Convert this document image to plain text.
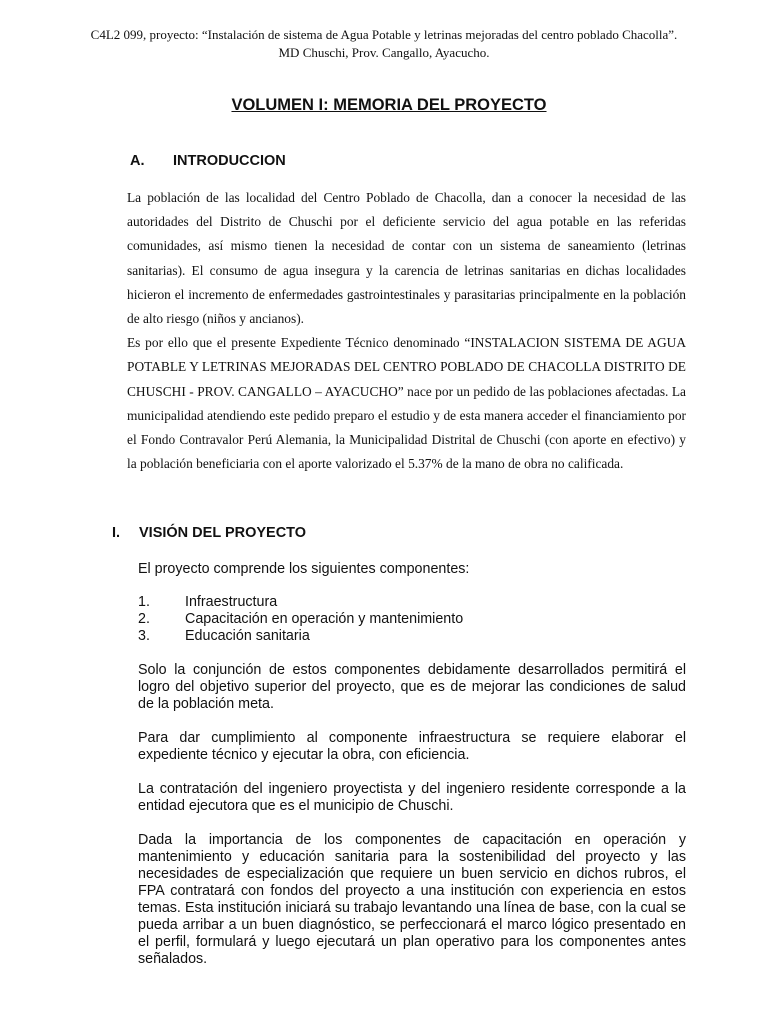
C4L2 099, proyecto: “Instalación de sistema de Agua Potable y letrinas mejoradas del centro poblado Chacolla”.
MD Chuschi, Prov. Cangallo, Ayacucho.
VOLUMEN I: MEMORIA DEL PROYECTO
A. INTRODUCCION

La población de las localidad del Centro Poblado de Chacolla, dan a conocer la necesidad de las autoridades del Distrito de Chuschi por el deficiente servicio del agua potable en las referidas comunidades, así mismo tienen la necesidad de contar con un sistema de saneamiento (letrinas sanitarias). El consumo de agua insegura y la carencia de letrinas sanitarias en dichas localidades hicieron el incremento de enfermedades gastrointestinales y parasitarias principalmente en la población de alto riesgo (niños y ancianos).

Es por ello que el presente Expediente Técnico denominado “INSTALACION SISTEMA DE AGUA POTABLE Y LETRINAS MEJORADAS DEL CENTRO POBLADO DE CHACOLLA DISTRITO DE CHUSCHI - PROV. CANGALLO – AYACUCHO” nace por un pedido de las poblaciones afectadas. La municipalidad atendiendo este pedido preparo el estudio y de esta manera acceder el financiamiento por el Fondo Contravalor Perú Alemania, la Municipalidad Distrital de Chuschi (con aporte en efectivo) y la población beneficiaria con el aporte valorizado el 5.37% de la mano de obra no calificada.

I. VISIÓN DEL PROYECTO

El proyecto comprende los siguientes componentes:

1.	Infraestructura
2.	Capacitación en operación y mantenimiento
3.	Educación sanitaria

Solo la conjunción de estos componentes debidamente desarrollados permitirá el logro del objetivo superior del proyecto, que es de mejorar las condiciones de salud de la población meta.

Para dar cumplimiento al componente infraestructura se requiere elaborar el expediente técnico y ejecutar la obra, con eficiencia.

La contratación del ingeniero proyectista y del ingeniero residente corresponde a la entidad ejecutora que es el municipio de Chuschi.

Dada la importancia de los componentes de capacitación en operación y mantenimiento y educación sanitaria para la sostenibilidad del proyecto y las necesidades de especialización que requiere un buen servicio en dichos rubros, el FPA contratará con fondos del proyecto a una institución con experiencia en estos temas. Esta institución iniciará su trabajo levantando una línea de base, con la cual se pueda arribar a un buen diagnóstico, se perfeccionará el marco lógico presentado en el perfil, formulará y luego ejecutará un plan operativo para los componentes antes señalados.
